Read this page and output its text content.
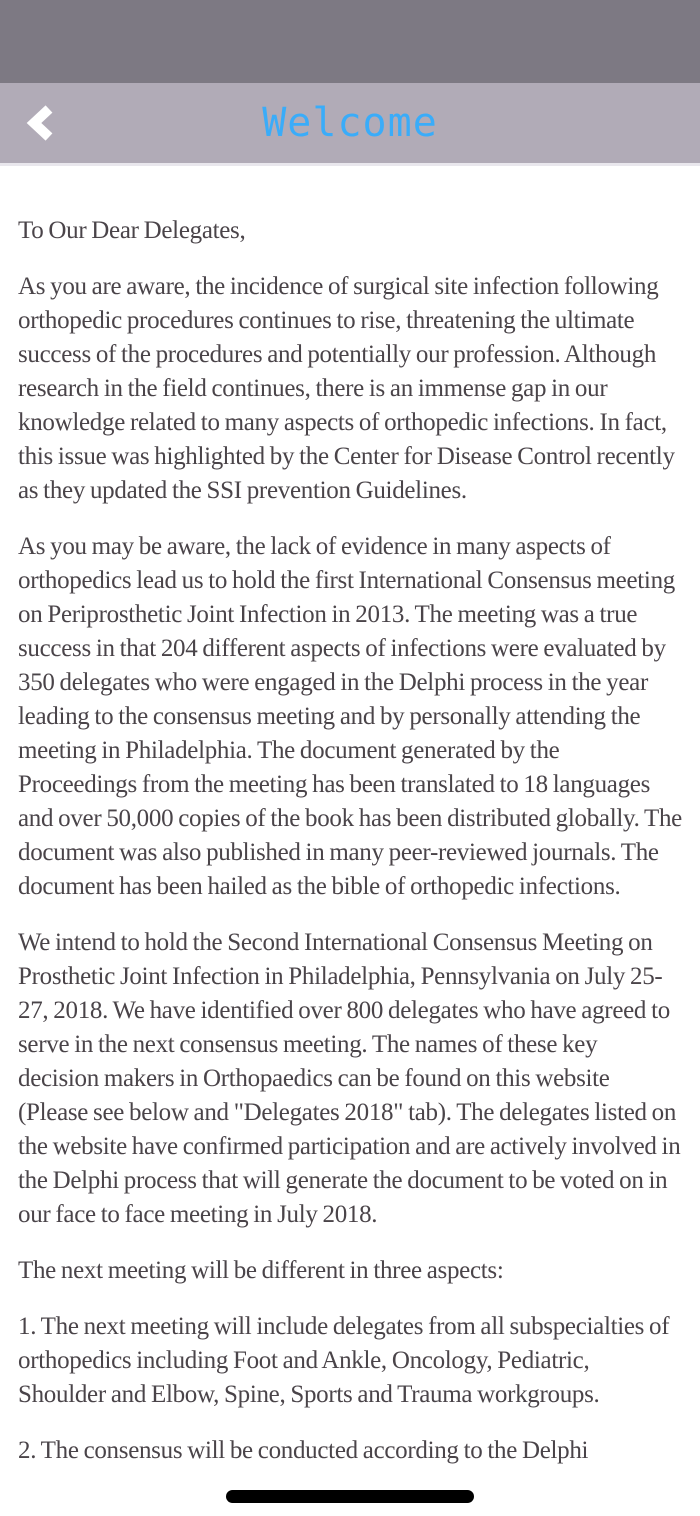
Welcome

To Our Dear Delegates,

As you are aware, the incidence of surgical site infection following orthopedic procedures continues to rise, threatening the ultimate success of the procedures and potentially our profession. Although research in the field continues, there is an immense gap in our knowledge related to many aspects of orthopedic infections. In fact, this issue was highlighted by the Center for Disease Control recently as they updated the SSI prevention Guidelines.

As you may be aware, the lack of evidence in many aspects of orthopedics lead us to hold the first International Consensus meeting on Periprosthetic Joint Infection in 2013. The meeting was a true success in that 204 different aspects of infections were evaluated by 350 delegates who were engaged in the Delphi process in the year leading to the consensus meeting and by personally attending the meeting in Philadelphia. The document generated by the Proceedings from the meeting has been translated to 18 languages and over 50,000 copies of the book has been distributed globally. The document was also published in many peer-reviewed journals. The document has been hailed as the bible of orthopedic infections.

We intend to hold the Second International Consensus Meeting on Prosthetic Joint Infection in Philadelphia, Pennsylvania on July 25-27, 2018. We have identified over 800 delegates who have agreed to serve in the next consensus meeting. The names of these key decision makers in Orthopaedics can be found on this website (Please see below and "Delegates 2018" tab). The delegates listed on the website have confirmed participation and are actively involved in the Delphi process that will generate the document to be voted on in our face to face meeting in July 2018.

The next meeting will be different in three aspects:

1. The next meeting will include delegates from all subspecialties of orthopedics including Foot and Ankle, Oncology, Pediatric, Shoulder and Elbow, Spine, Sports and Trauma workgroups.

2. The consensus will be conducted according to the Delphi
